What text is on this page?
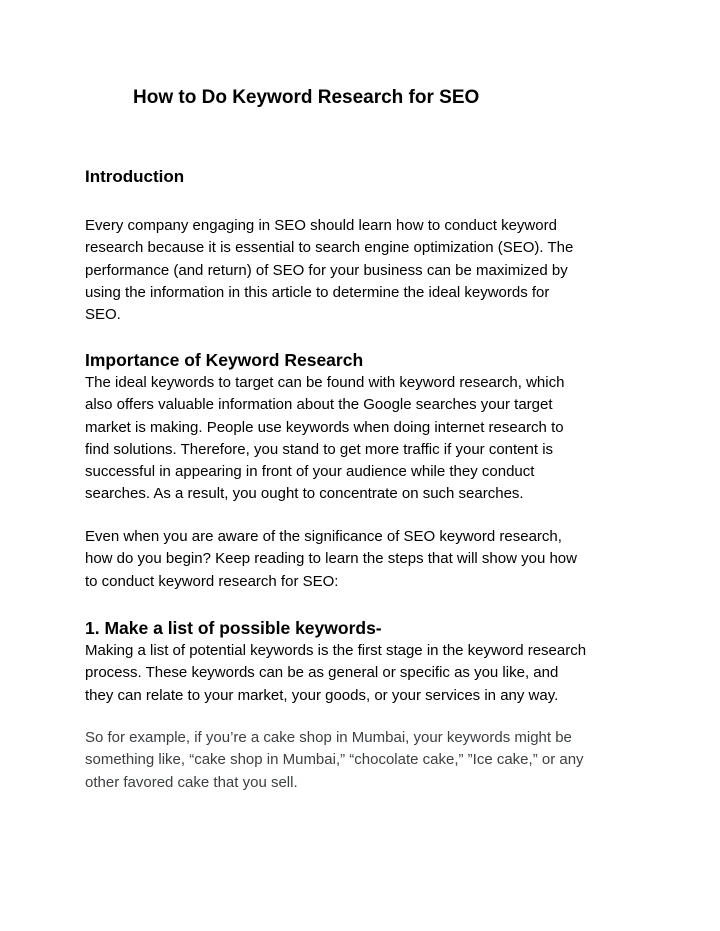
How to Do Keyword Research for SEO
Introduction

Every company engaging in SEO should learn how to conduct keyword
research because it is essential to search engine optimization (SEO). The
performance (and return) of SEO for your business can be maximized by
using the information in this article to determine the ideal keywords for
SEO.

Importance of Keyword Research

The ideal keywords to target can be found with keyword research, which
also offers valuable information about the Google searches your target
market is making. People use keywords when doing internet research to
find solutions. Therefore, you stand to get more traffic if your content is
successful in appearing in front of your audience while they conduct
searches. As a result, you ought to concentrate on such searches.

Even when you are aware of the significance of SEO keyword research,
how do you begin? Keep reading to learn the steps that will show you how
to conduct keyword research for SEO:

1. Make a list of possible keywords-

Making a list of potential keywords is the first stage in the keyword research
process. These keywords can be as general or specific as you like, and
they can relate to your market, your goods, or your services in any way.

So for example, if you’re a cake shop in Mumbai, your keywords might be
something like, “cake shop in Mumbai,” “chocolate cake,” ”Ice cake,” or any
other favored cake that you sell.
